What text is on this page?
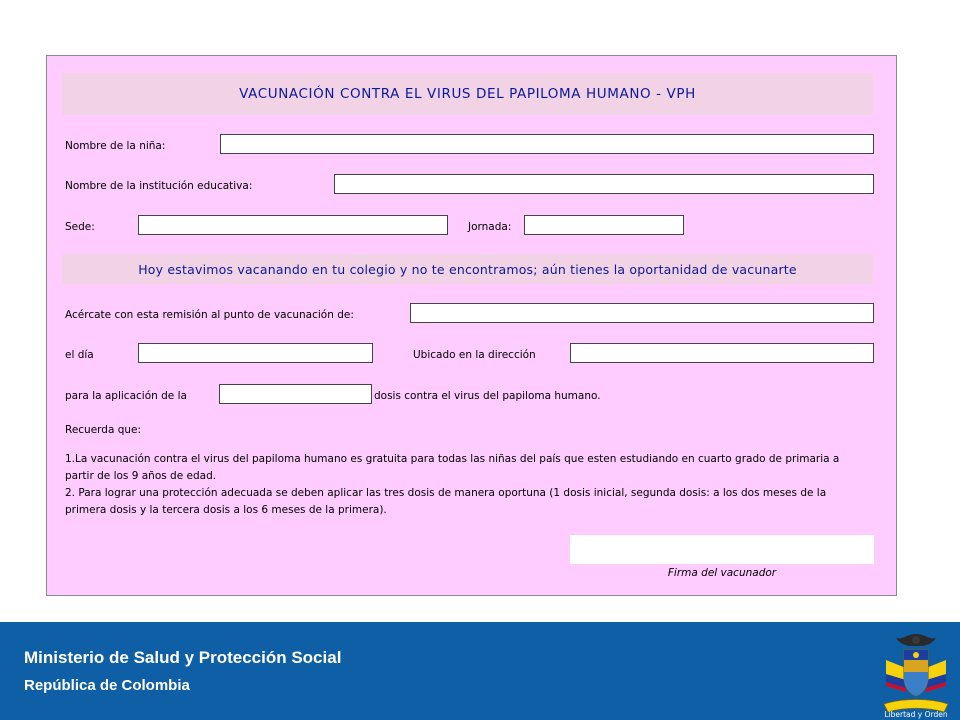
VACUNACIÓN CONTRA EL VIRUS DEL PAPILOMA HUMANO - VPH
Nombre de la niña:
Nombre de la institución educativa:
Sede:	Jornada:
Hoy estavimos vacanando en tu colegio y no te encontramos; aún tienes la oportanidad de vacunarte
Acércate con esta remisión al punto de vacunación de:
el día	Ubicado en la dirección
para la aplicación de la	dosis contra el virus del papiloma humano.
Recuerda que:

1.La vacunación contra el virus del papiloma humano es gratuita para todas las niñas del país que esten estudiando en cuarto grado de primaria a partir de los 9 años de edad.

2. Para lograr una protección adecuada se deben aplicar las tres dosis de manera oportuna (1 dosis inicial, segunda dosis: a los dos meses de la primera dosis y la tercera dosis a los 6 meses de la primera).

Firma del vacunador
Ministerio de Salud y Protección Social
República de Colombia
Libertad y Orden
